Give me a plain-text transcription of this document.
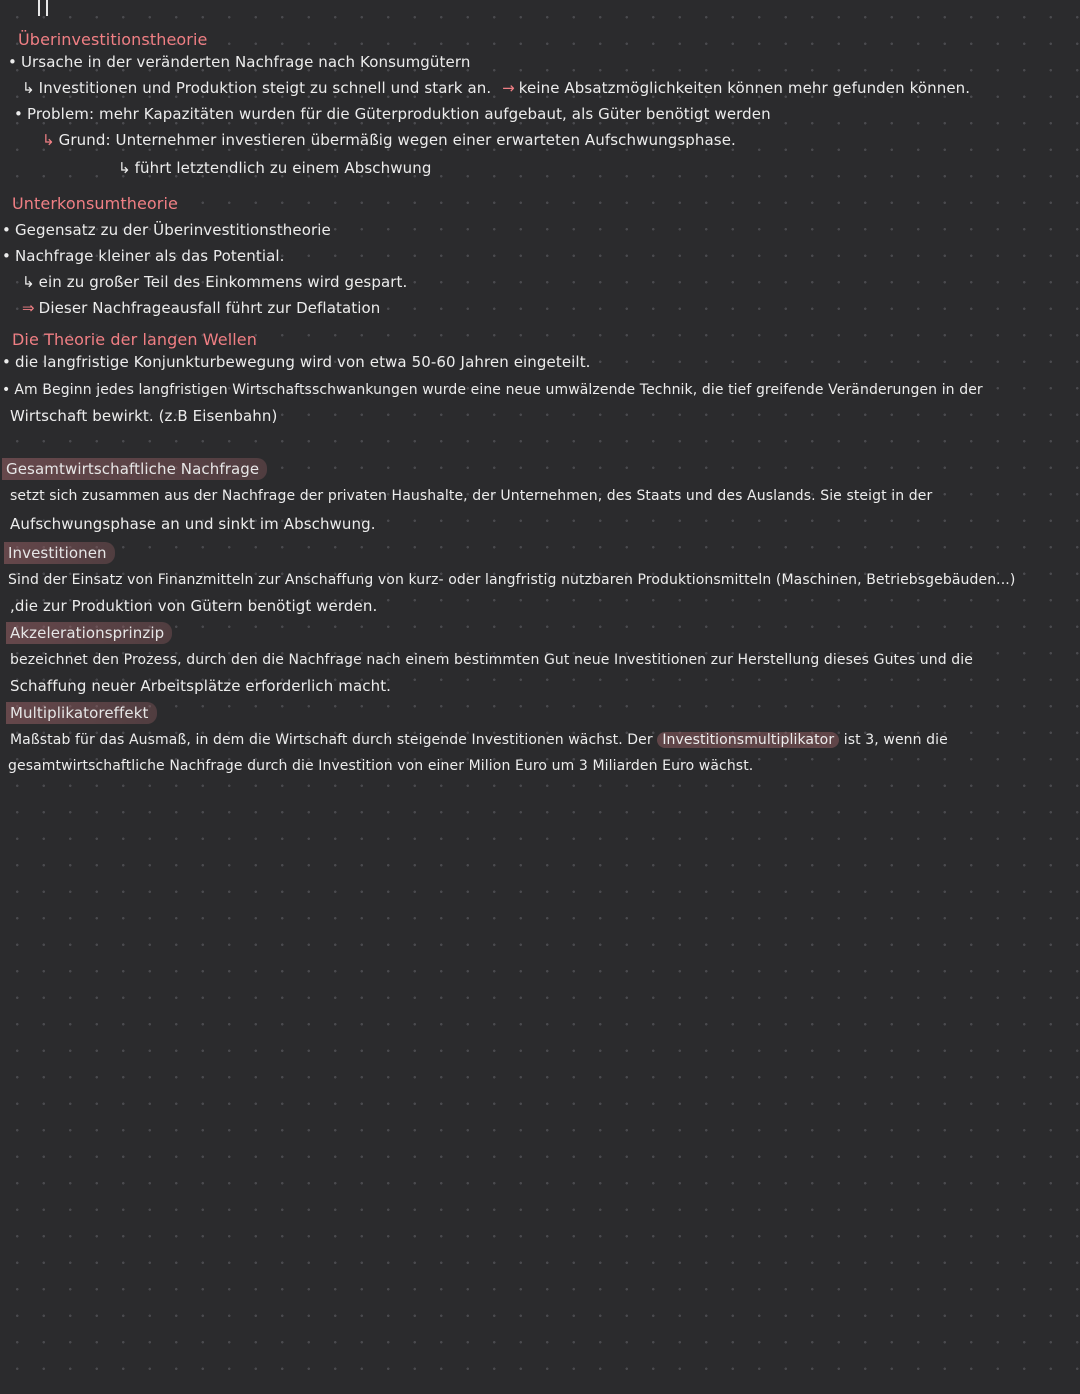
Überinvestitionstheorie
• Ursache in der veränderten Nachfrage nach Konsumgütern
↳ Investitionen und Produktion steigt zu schnell und stark an. → keine Absatzmöglichkeiten können mehr gefunden können.
• Problem: mehr Kapazitäten wurden für die Güterproduktion aufgebaut, als Güter benötigt werden
↳ Grund: Unternehmer investieren übermäßig wegen einer erwarteten Aufschwungsphase.
↳ führt letztendlich zu einem Abschwung
Unterkonsumtheorie
• Gegensatz zu der Überinvestitionstheorie
• Nachfrage kleiner als das Potential.
↳ ein zu großer Teil des Einkommens wird gespart.
⇒ Dieser Nachfrageausfall führt zur Deflatation
Die Theorie der langen Wellen
• die langfristige Konjunkturbewegung wird von etwa 50-60 Jahren eingeteilt.
• Am Beginn jedes langfristigen Wirtschaftsschwankungen wurde eine neue umwälzende Technik, die tief greifende Veränderungen in der
Wirtschaft bewirkt. (z.B Eisenbahn)
Gesamtwirtschaftliche Nachfrage
setzt sich zusammen aus der Nachfrage der privaten Haushalte, der Unternehmen, des Staats und des Auslands. Sie steigt in der
Aufschwungsphase an und sinkt im Abschwung.
Investitionen
Sind der Einsatz von Finanzmitteln zur Anschaffung von kurz- oder langfristig nutzbaren Produktionsmitteln (Maschinen, Betriebsgebäuden...)
,die zur Produktion von Gütern benötigt werden.
Akzelerationsprinzip
bezeichnet den Prozess, durch den die Nachfrage nach einem bestimmten Gut neue Investitionen zur Herstellung dieses Gutes und die
Schaffung neuer Arbeitsplätze erforderlich macht.
Multiplikatoreffekt
Maßstab für das Ausmaß, in dem die Wirtschaft durch steigende Investitionen wächst. Der Investitionsmultiplikator ist 3, wenn die
gesamtwirtschaftliche Nachfrage durch die Investition von einer Milion Euro um 3 Miliarden Euro wächst.
